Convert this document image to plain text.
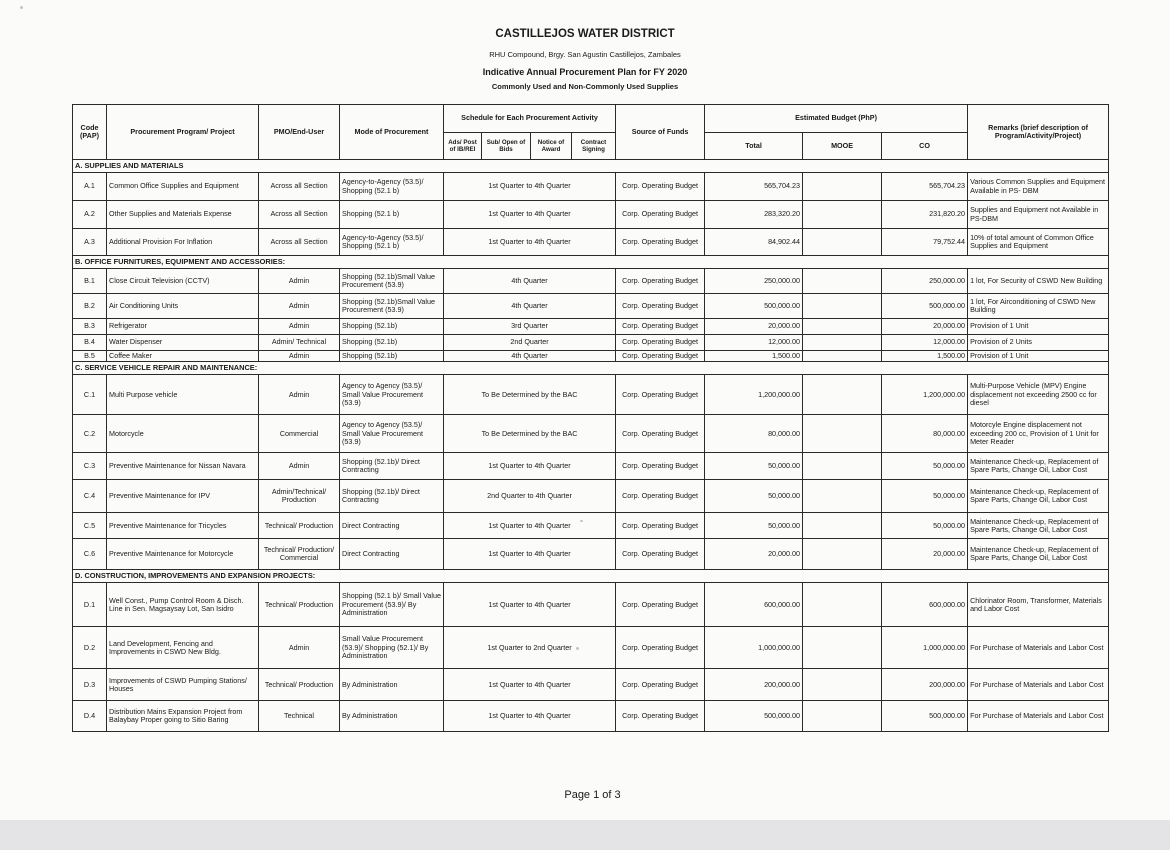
CASTILLEJOS WATER DISTRICT
RHU Compound, Brgy. San Agustin Castillejos, Zambales
Indicative Annual Procurement Plan for FY 2020
Commonly Used and Non-Commonly Used Supplies
Code (PAP)	Procurement Program/ Project	PMO/End-User	Mode of Procurement	Schedule for Each Procurement Activity				Source of Funds	Estimated Budget (PhP)			Remarks (brief description of Program/Activity/Project)
				Ads/ Post of IB/REI	Sub/ Open of Bids	Notice of Award	Contract Signing		Total	MOOE	CO	
A. SUPPLIES AND MATERIALS												
A.1	Common Office Supplies and Equipment	Across all Section	Agency-to-Agency (53.5)/ Shopping (52.1 b)	1st Quarter to 4th Quarter				Corp. Operating Budget	565,704.23		565,704.23	Various Common Supplies and Equipment Available in PS- DBM
A.2	Other Supplies and Materials Expense	Across all Section	Shopping (52.1 b)	1st Quarter to 4th Quarter				Corp. Operating Budget	283,320.20		231,820.20	Supplies and Equipment not Available in PS-DBM
A.3	Additional Provision For Inflation	Across all Section	Agency-to-Agency (53.5)/ Shopping (52.1 b)	1st Quarter to 4th Quarter				Corp. Operating Budget	84,902.44		79,752.44	10% of total amount of Common Office Supplies and Equipment
B. OFFICE FURNITURES, EQUIPMENT AND ACCESSORIES:												
B.1	Close Circuit Television (CCTV)	Admin	Shopping (52.1b)Small Value Procurement (53.9)	4th Quarter				Corp. Operating Budget	250,000.00		250,000.00	1 lot, For Security of CSWD New Building
B.2	Air Conditioning Units	Admin	Shopping (52.1b)Small Value Procurement (53.9)	4th Quarter				Corp. Operating Budget	500,000.00		500,000.00	1 lot, For Airconditioning of CSWD New Building
B.3	Refrigerator	Admin	Shopping (52.1b)	3rd Quarter				Corp. Operating Budget	20,000.00		20,000.00	Provision of 1 Unit
B.4	Water Dispenser	Admin/ Technical	Shopping (52.1b)	2nd Quarter				Corp. Operating Budget	12,000.00		12,000.00	Provision of 2 Units
B.5	Coffee Maker	Admin	Shopping (52.1b)	4th Quarter				Corp. Operating Budget	1,500.00		1,500.00	Provision of 1 Unit
C. SERVICE VEHICLE REPAIR AND MAINTENANCE:												
C.1	Multi Purpose vehicle	Admin	Agency to Agency (53.5)/ Small Value Procurement (53.9)	To Be Determined by the BAC				Corp. Operating Budget	1,200,000.00		1,200,000.00	Multi-Purpose Vehicle (MPV) Engine displacement not exceeding 2500 cc for diesel
C.2	Motorcycle	Commercial	Agency to Agency (53.5)/ Small Value Procurement (53.9)	To Be Determined by the BAC				Corp. Operating Budget	80,000.00		80,000.00	Motorcyle Engine displacement not exceeding 200 cc, Provision of 1 Unit for Meter Reader
C.3	Preventive Maintenance for Nissan Navara	Admin	Shopping (52.1b)/ Direct Contracting	1st Quarter to 4th Quarter				Corp. Operating Budget	50,000.00		50,000.00	Maintenance Check-up, Replacement of Spare Parts, Change Oil, Labor Cost
C.4	Preventive Maintenance for IPV	Admin/Technical/ Production	Shopping (52.1b)/ Direct Contracting	2nd Quarter to 4th Quarter				Corp. Operating Budget	50,000.00		50,000.00	Maintenance Check-up, Replacement of Spare Parts, Change Oil, Labor Cost
C.5	Preventive Maintenance for Tricycles	Technical/ Production	Direct Contracting	1st Quarter to 4th Quarter				Corp. Operating Budget	50,000.00		50,000.00	Maintenance Check-up, Replacement of Spare Parts, Change Oil, Labor Cost
C.6	Preventive Maintenance for Motorcycle	Technical/ Production/ Commercial	Direct Contracting	1st Quarter to 4th Quarter				Corp. Operating Budget	20,000.00		20,000.00	Maintenance Check-up, Replacement of Spare Parts, Change Oil, Labor Cost
D. CONSTRUCTION, IMPROVEMENTS AND EXPANSION PROJECTS:												
D.1	Well Const., Pump Control Room & Disch. Line in Sen. Magsaysay Lot, San Isidro	Technical/ Production	Shopping (52.1 b)/ Small Value Procurement (53.9)/ By Administration	1st Quarter to 4th Quarter				Corp. Operating Budget	600,000.00		600,000.00	Chlorinator Room, Transformer, Materials and Labor Cost
D.2	Land Development, Fencing and Improvements in CSWD New Bldg.	Admin	Small Value Procurement (53.9)/ Shopping (52.1)/ By Administration	1st Quarter to 2nd Quarter				Corp. Operating Budget	1,000,000.00		1,000,000.00	For Purchase of Materials and Labor Cost
D.3	Improvements of CSWD Pumping Stations/ Houses	Technical/ Production	By Administration	1st Quarter to 4th Quarter				Corp. Operating Budget	200,000.00		200,000.00	For Purchase of Materials and Labor Cost
D.4	Distribution Mains Expansion Project from Balaybay Proper going to Sitio Baring	Technical	By Administration	1st Quarter to 4th Quarter				Corp. Operating Budget	500,000.00		500,000.00	For Purchase of Materials and Labor Cost
Page 1 of 3
